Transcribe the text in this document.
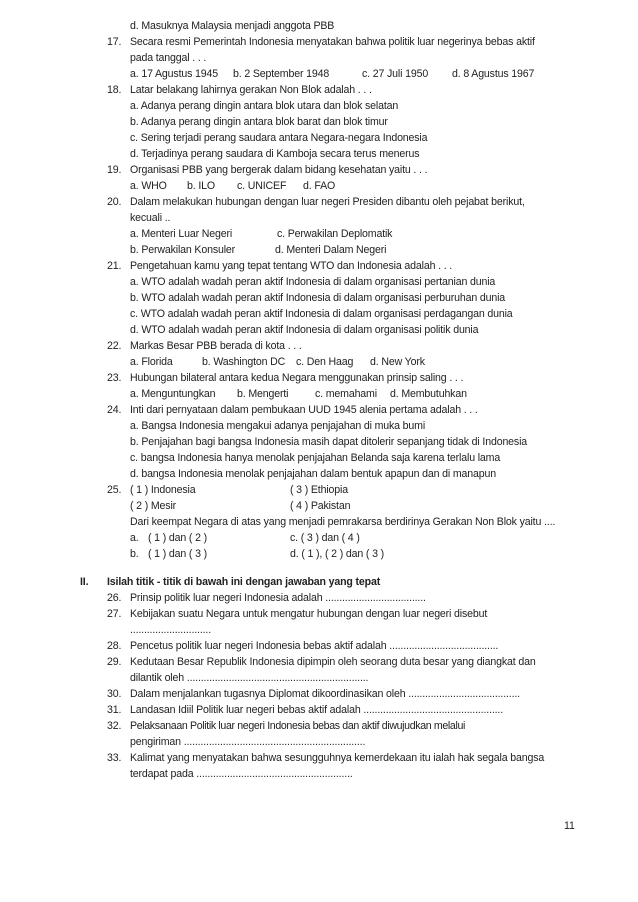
d. Masuknya Malaysia menjadi anggota PBB
17. Secara resmi Pemerintah Indonesia menyatakan bahwa politik luar negerinya bebas aktif
pada tanggal . . .
a. 17 Agustus 1945 b. 2 September 1948	c. 27 Juli 1950 d. 8 Agustus 1967
18. Latar belakang lahirnya gerakan Non Blok adalah . . .
a. Adanya perang dingin antara blok utara dan blok selatan
b. Adanya perang dingin antara blok barat dan blok timur
c. Sering terjadi perang saudara antara Negara-negara Indonesia
d. Terjadinya perang saudara di Kamboja secara terus menerus
19. Organisasi PBB yang bergerak dalam bidang kesehatan yaitu . . .
a. WHO b. ILO c. UNICEF d. FAO
20. Dalam melakukan hubungan dengan luar negeri Presiden dibantu oleh pejabat berikut,
kecuali ..
a. Menteri Luar Negeri	c. Perwakilan Deplomatik
b. Perwakilan Konsuler	d. Menteri Dalam Negeri
21. Pengetahuan kamu yang tepat tentang WTO dan Indonesia adalah . . .
a. WTO adalah wadah peran aktif Indonesia di dalam organisasi pertanian dunia
b. WTO adalah wadah peran aktif Indonesia di dalam organisasi perburuhan dunia
c. WTO adalah wadah peran aktif Indonesia di dalam organisasi perdagangan dunia
d. WTO adalah wadah peran aktif Indonesia di dalam organisasi politik dunia
22. Markas Besar PBB berada di kota . . .
a. Florida	b. Washington DC c. Den Haag d. New York
23. Hubungan bilateral antara kedua Negara menggunakan prinsip saling . . .
a. Menguntungkan b. Mengerti	c. memahami d. Membutuhkan
24. Inti dari pernyataan dalam pembukaan UUD 1945 alenia pertama adalah . . .
a. Bangsa Indonesia mengakui adanya penjajahan di muka bumi
b. Penjajahan bagi bangsa Indonesia masih dapat ditolerir sepanjang tidak di Indonesia
c. bangsa Indonesia hanya menolak penjajahan Belanda saja karena terlalu lama
d. bangsa Indonesia menolak penjajahan dalam bentuk apapun dan di manapun
25. ( 1 ) Indonesia	( 3 ) Ethiopia
( 2 ) Mesir	( 4 ) Pakistan
Dari keempat Negara di atas yang menjadi pemrakarsa berdirinya Gerakan Non Blok yaitu ....
a. ( 1 ) dan ( 2 )	c. ( 3 ) dan ( 4 )
b. ( 1 ) dan ( 3 )	d. ( 1 ), ( 2 ) dan ( 3 )
II. Isilah titik - titik di bawah ini dengan jawaban yang tepat
26. Prinsip politik luar negeri Indonesia adalah ....................................
27. Kebijakan suatu Negara untuk mengatur hubungan dengan luar negeri disebut
.............................
28. Pencetus politik luar negeri Indonesia bebas aktif adalah .......................................
29. Kedutaan Besar Republik Indonesia dipimpin oleh seorang duta besar yang diangkat dan
dilantik oleh .................................................................
30. Dalam menjalankan tugasnya Diplomat dikoordinasikan oleh ........................................
31. Landasan Idiil Politik luar negeri bebas aktif adalah ..................................................
32. Pelaksanaan Politik luar negeri Indonesia bebas dan aktif diwujudkan melalui
pengiriman .................................................................
33. Kalimat yang menyatakan bahwa sesungguhnya kemerdekaan itu ialah hak segala bangsa
terdapat pada ........................................................
11
